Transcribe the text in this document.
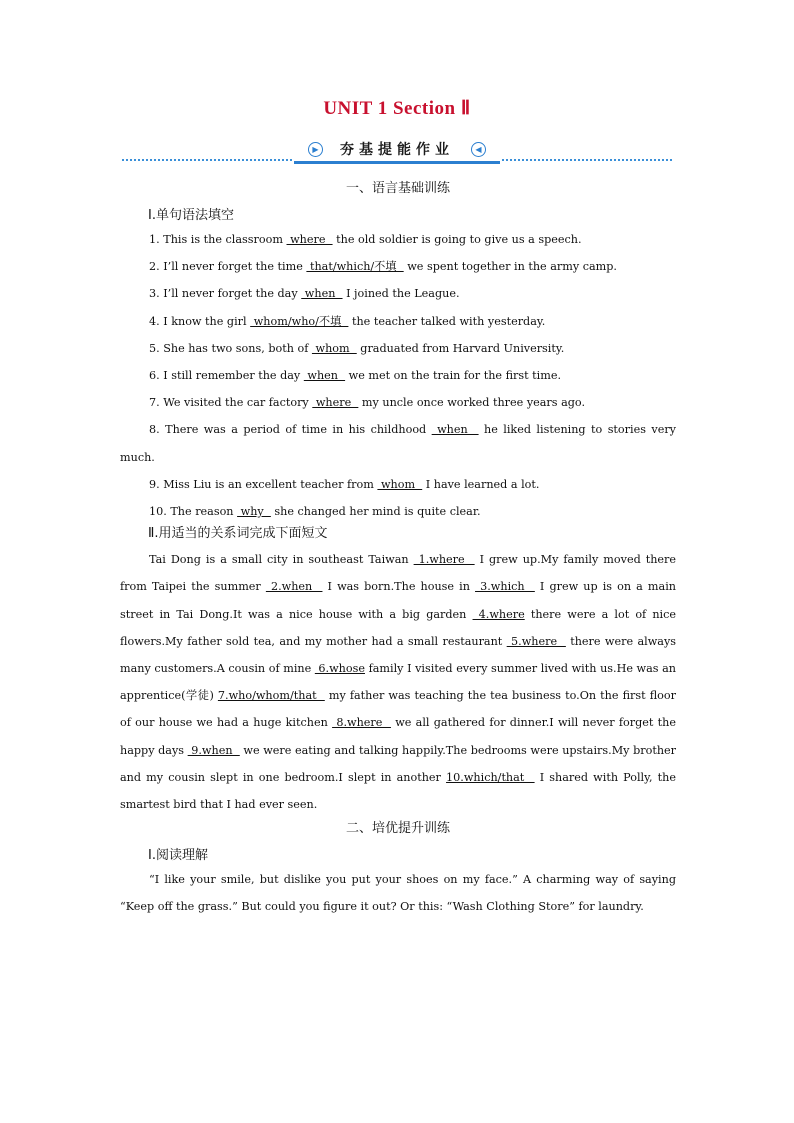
UNIT 1 Section Ⅱ
▶	夯基提能作业	◀

一、语言基础训练

Ⅰ.单句语法填空

1. This is the classroom  where   the old soldier is going to give us a speech.

2. I’ll never forget the time  that/which/不填   we spent together in the army camp.

3. I’ll never forget the day  when   I joined the League.

4. I know the girl  whom/who/不填   the teacher talked with yesterday.

5. She has two sons, both of  whom   graduated from Harvard University.

6. I still remember the day  when   we met on the train for the first time.

7. We visited the car factory  where   my uncle once worked three years ago.

8. There was a period of time in his childhood  when   he liked listening to stories very much.

9. Miss Liu is an excellent teacher from  whom   I have learned a lot.

10. The reason  why   she changed her mind is quite clear.

Ⅱ.用适当的关系词完成下面短文

Tai Dong is a small city in southeast Taiwan  1.where   I grew up.My family moved there from Taipei the summer  2.when   I was born.The house in  3.which   I grew up is on a main street in Tai Dong.It was a nice house with a big garden  4.where there were a lot of nice flowers.My father sold tea, and my mother had a small restaurant  5.where   there were always many customers.A cousin of mine  6.whose family I visited every summer lived with us.He was an apprentice(学徒) 7.who/whom/that   my father was teaching the tea business to.On the first floor of our house we had a huge kitchen  8.where   we all gathered for dinner.I will never forget the happy days  9.when   we were eating and talking happily.The bedrooms were upstairs.My brother and my cousin slept in one bedroom.I slept in another 10.which/that   I shared with Polly, the smartest bird that I had ever seen.

二、培优提升训练

Ⅰ.阅读理解

“I like your smile, but dislike you put your shoes on my face.” A charming way of saying “Keep off the grass.” But could you figure it out? Or this: “Wash Clothing Store” for laundry.
